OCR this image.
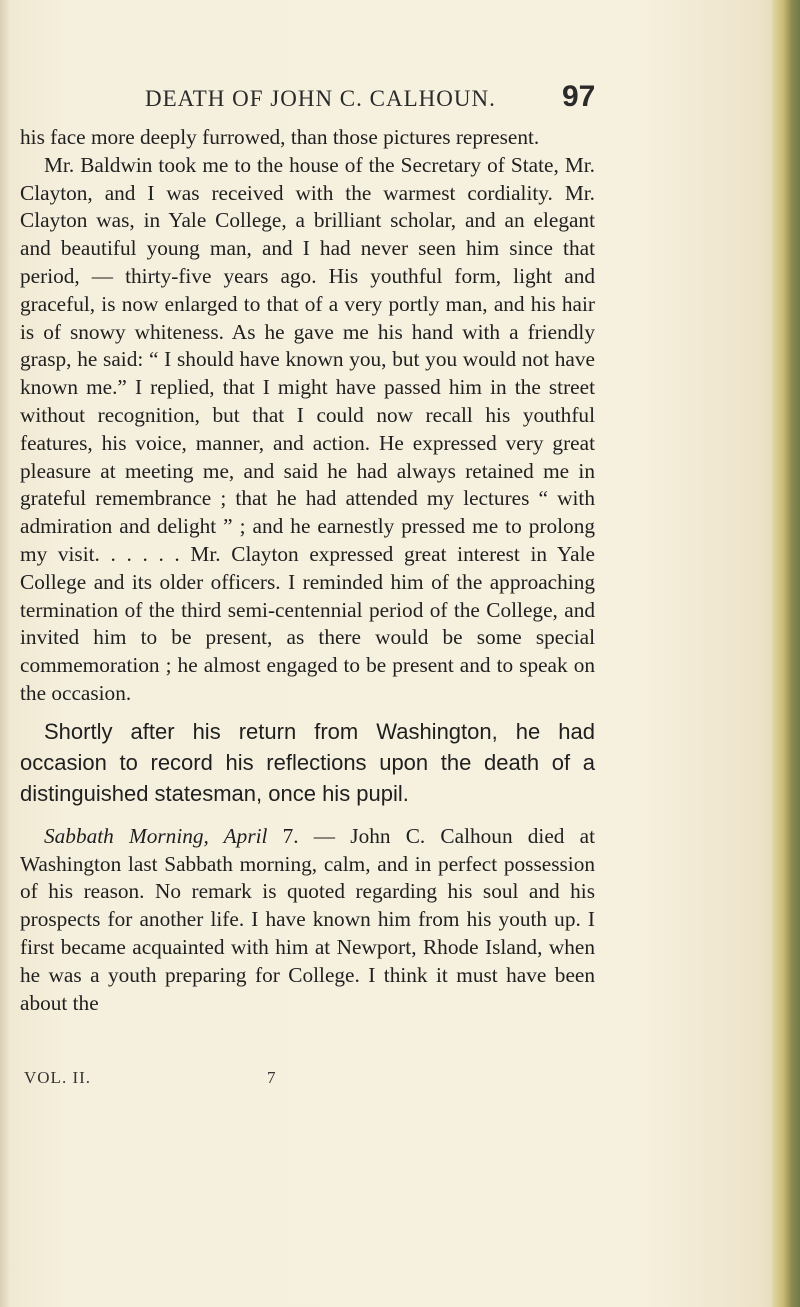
DEATH OF JOHN C. CALHOUN. 97

his face more deeply furrowed, than those pictures represent.

Mr. Baldwin took me to the house of the Secretary of State, Mr. Clayton, and I was received with the warmest cordiality. Mr. Clayton was, in Yale College, a brilliant scholar, and an elegant and beautiful young man, and I had never seen him since that period, — thirty-five years ago. His youthful form, light and graceful, is now enlarged to that of a very portly man, and his hair is of snowy whiteness. As he gave me his hand with a friendly grasp, he said: “ I should have known you, but you would not have known me.” I replied, that I might have passed him in the street without recognition, but that I could now recall his youthful features, his voice, manner, and action. He expressed very great pleasure at meeting me, and said he had always retained me in grateful remembrance ; that he had attended my lectures “ with admiration and delight ” ; and he earnestly pressed me to prolong my visit. . . . . . Mr. Clayton expressed great interest in Yale College and its older officers. I reminded him of the approaching termination of the third semi-centennial period of the College, and invited him to be present, as there would be some special commemoration ; he almost engaged to be present and to speak on the occasion.

Shortly after his return from Washington, he had occasion to record his reflections upon the death of a distinguished statesman, once his pupil.

Sabbath Morning, April 7. — John C. Calhoun died at Washington last Sabbath morning, calm, and in perfect possession of his reason. No remark is quoted regarding his soul and his prospects for another life. I have known him from his youth up. I first became acquainted with him at Newport, Rhode Island, when he was a youth preparing for College. I think it must have been about the

VOL. II.	7
